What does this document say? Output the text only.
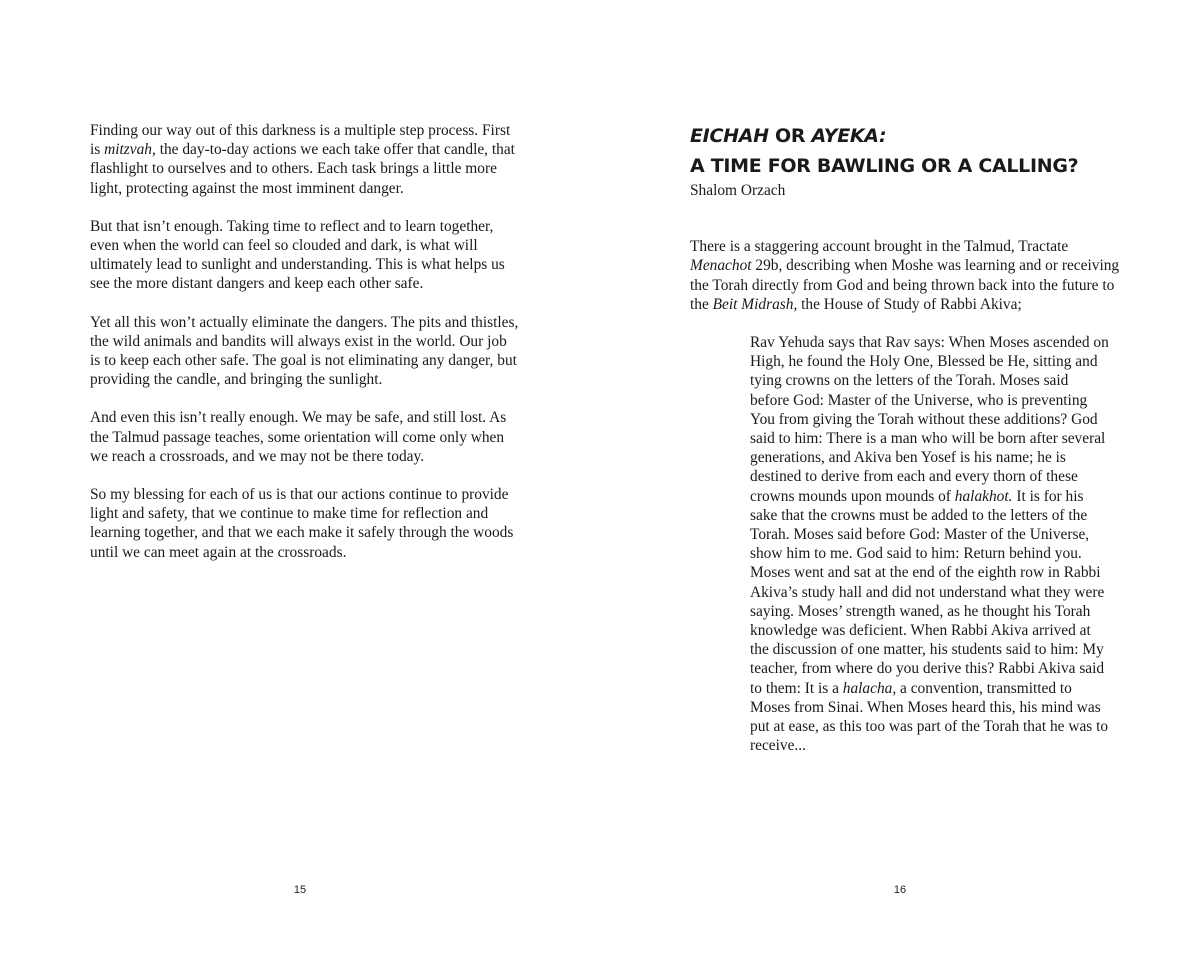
Finding our way out of this darkness is a multiple step process. First is mitzvah, the day-to-day actions we each take offer that candle, that flashlight to ourselves and to others. Each task brings a little more light, protecting against the most imminent danger.

But that isn’t enough. Taking time to reflect and to learn together, even when the world can feel so clouded and dark, is what will ultimately lead to sunlight and understanding. This is what helps us see the more distant dangers and keep each other safe.

Yet all this won’t actually eliminate the dangers. The pits and thistles, the wild animals and bandits will always exist in the world. Our job is to keep each other safe. The goal is not eliminating any danger, but providing the candle, and bringing the sunlight.

And even this isn’t really enough. We may be safe, and still lost. As the Talmud passage teaches, some orientation will come only when we reach a crossroads, and we may not be there today.

So my blessing for each of us is that our actions continue to provide light and safety, that we continue to make time for reflection and learning together, and that we each make it safely through the woods until we can meet again at the crossroads.

15
EICHAH OR AYEKA:
A TIME FOR BAWLING OR A CALLING?
Shalom Orzach

There is a staggering account brought in the Talmud, Tractate Menachot 29b, describing when Moshe was learning and or receiving the Torah directly from God and being thrown back into the future to the Beit Midrash, the House of Study of Rabbi Akiva;

Rav Yehuda says that Rav says: When Moses ascended on High, he found the Holy One, Blessed be He, sitting and tying crowns on the letters of the Torah. Moses said before God: Master of the Universe, who is preventing You from giving the Torah without these additions? God said to him: There is a man who will be born after several generations, and Akiva ben Yosef is his name; he is destined to derive from each and every thorn of these crowns mounds upon mounds of halakhot. It is for his sake that the crowns must be added to the letters of the Torah. Moses said before God: Master of the Universe, show him to me. God said to him: Return behind you. Moses went and sat at the end of the eighth row in Rabbi Akiva’s study hall and did not understand what they were saying. Moses’ strength waned, as he thought his Torah knowledge was deficient. When Rabbi Akiva arrived at the discussion of one matter, his students said to him: My teacher, from where do you derive this? Rabbi Akiva said to them: It is a halacha, a convention, transmitted to Moses from Sinai. When Moses heard this, his mind was put at ease, as this too was part of the Torah that he was to receive...
16
